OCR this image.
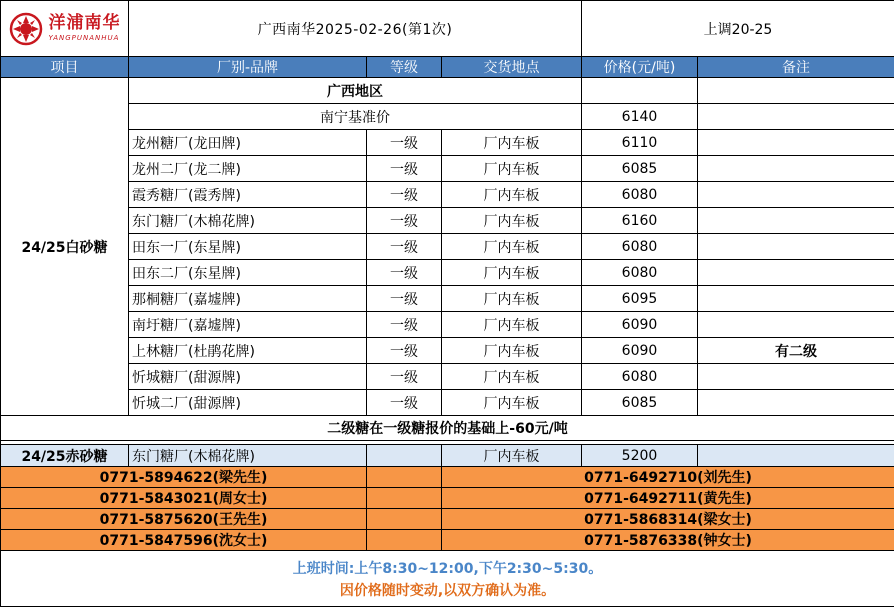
洋浦南华
YANGPUNANHUA	广西南华2025-02-26(第1次)			上调20-25	
项目	厂别-品牌	等级	交货地点	价格(元/吨)	备注
24/25白砂糖	广西地区				
	南宁基准价			6140	
	龙州糖厂(龙田牌)	一级	厂内车板	6110	
	龙州二厂(龙二牌)	一级	厂内车板	6085	
	霞秀糖厂(霞秀牌)	一级	厂内车板	6080	
	东门糖厂(木棉花牌)	一级	厂内车板	6160	
	田东一厂(东星牌)	一级	厂内车板	6080	
	田东二厂(东星牌)	一级	厂内车板	6080	
	那桐糖厂(嘉墟牌)	一级	厂内车板	6095	
	南圩糖厂(嘉墟牌)	一级	厂内车板	6090	
	上林糖厂(杜鹃花牌)	一级	厂内车板	6090	有二级
	忻城糖厂(甜源牌)	一级	厂内车板	6080	
	忻城二厂(甜源牌)	一级	厂内车板	6085	
二级糖在一级糖报价的基础上-60元/吨					

24/25赤砂糖	东门糖厂(木棉花牌)		厂内车板	5200	
0771-5894622(梁先生)			0771-6492710(刘先生)		
0771-5843021(周女士)			0771-6492711(黄先生)		
0771-5875620(王先生)			0771-5868314(梁女士)		
0771-5847596(沈女士)			0771-5876338(钟女士)		

上班时间:上午8:30~12:00,下午2:30~5:30。
因价格随时变动,以双方确认为准。					
